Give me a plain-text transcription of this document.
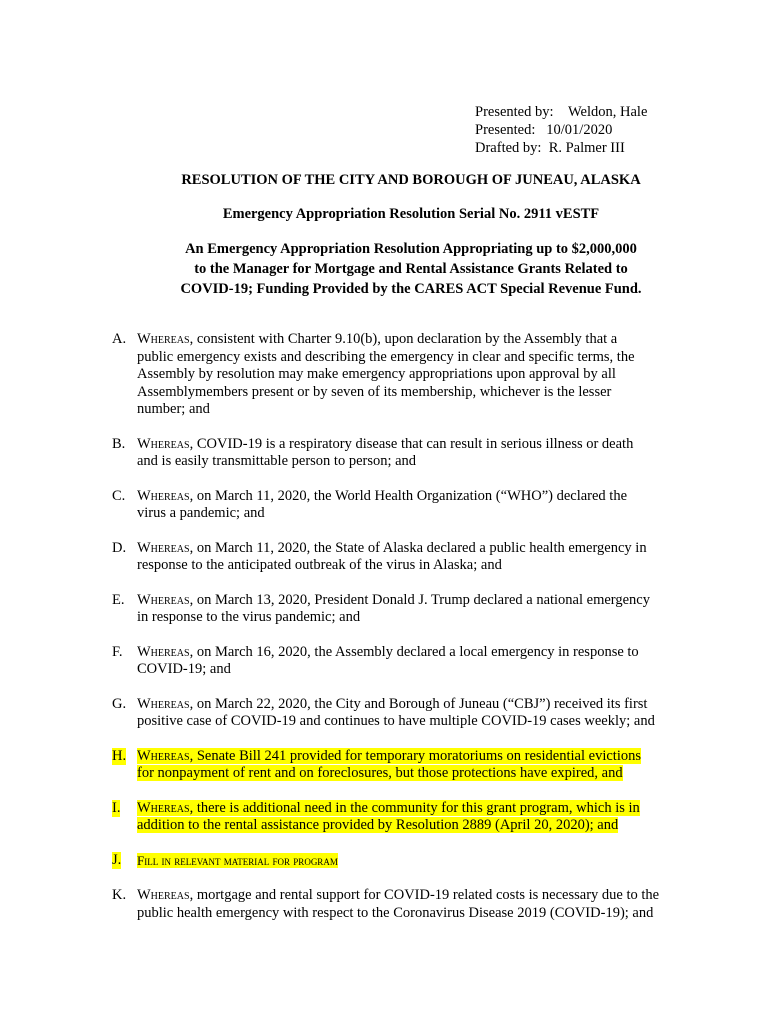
Presented by: Weldon, Hale
Presented: 10/01/2020
Drafted by: R. Palmer III
RESOLUTION OF THE CITY AND BOROUGH OF JUNEAU, ALASKA
Emergency Appropriation Resolution Serial No. 2911 vESTF
An Emergency Appropriation Resolution Appropriating up to $2,000,000
to the Manager for Mortgage and Rental Assistance Grants Related to
COVID-19; Funding Provided by the CARES ACT Special Revenue Fund.
A. Whereas, consistent with Charter 9.10(b), upon declaration by the Assembly that a
public emergency exists and describing the emergency in clear and specific terms, the
Assembly by resolution may make emergency appropriations upon approval by all
Assemblymembers present or by seven of its membership, whichever is the lesser
number; and
B. Whereas, COVID-19 is a respiratory disease that can result in serious illness or death
and is easily transmittable person to person; and
C. Whereas, on March 11, 2020, the World Health Organization (“WHO”) declared the
virus a pandemic; and
D. Whereas, on March 11, 2020, the State of Alaska declared a public health emergency in
response to the anticipated outbreak of the virus in Alaska; and
E. Whereas, on March 13, 2020, President Donald J. Trump declared a national emergency
in response to the virus pandemic; and
F. Whereas, on March 16, 2020, the Assembly declared a local emergency in response to
COVID-19; and
G. Whereas, on March 22, 2020, the City and Borough of Juneau (“CBJ”) received its first
positive case of COVID-19 and continues to have multiple COVID-19 cases weekly; and
H. Whereas, Senate Bill 241 provided for temporary moratoriums on residential evictions
for nonpayment of rent and on foreclosures, but those protections have expired, and
I. Whereas, there is additional need in the community for this grant program, which is in
addition to the rental assistance provided by Resolution 2889 (April 20, 2020); and
J. Fill in relevant material for program
K. Whereas, mortgage and rental support for COVID-19 related costs is necessary due to the
public health emergency with respect to the Coronavirus Disease 2019 (COVID-19); and
